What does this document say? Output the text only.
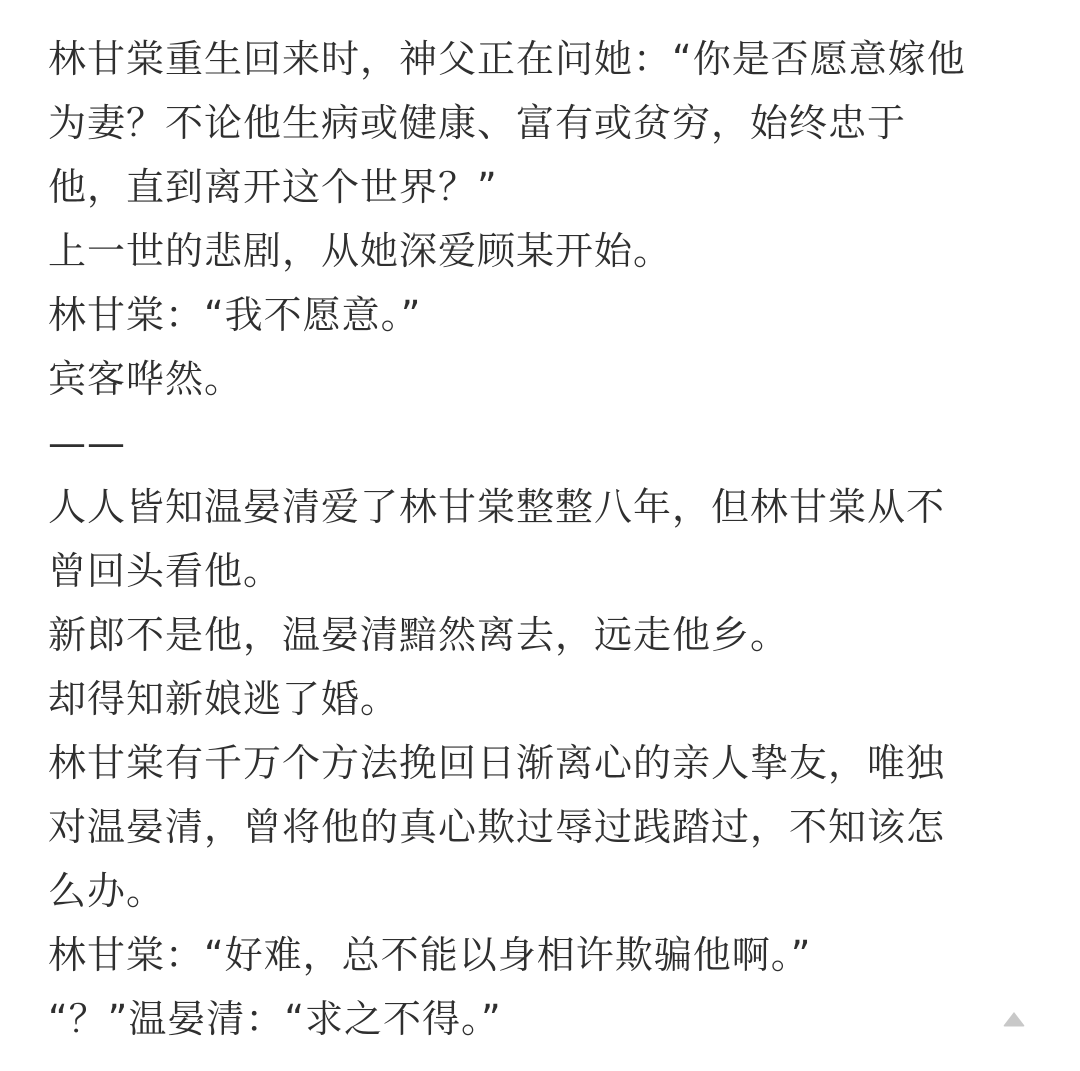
林甘棠重生回来时，神父正在问她：“你是否愿意嫁他
为妻？不论他生病或健康、富有或贫穷，始终忠于
他，直到离开这个世界？”
上一世的悲剧，从她深爱顾某开始。
林甘棠：“我不愿意。”
宾客哗然。
——
人人皆知温晏清爱了林甘棠整整八年，但林甘棠从不
曾回头看他。
新郎不是他，温晏清黯然离去，远走他乡。
却得知新娘逃了婚。
林甘棠有千万个方法挽回日渐离心的亲人挚友，唯独
对温晏清，曾将他的真心欺过辱过践踏过，不知该怎
么办。
林甘棠：“好难，总不能以身相许欺骗他啊。”
“？”温晏清：“求之不得。”
